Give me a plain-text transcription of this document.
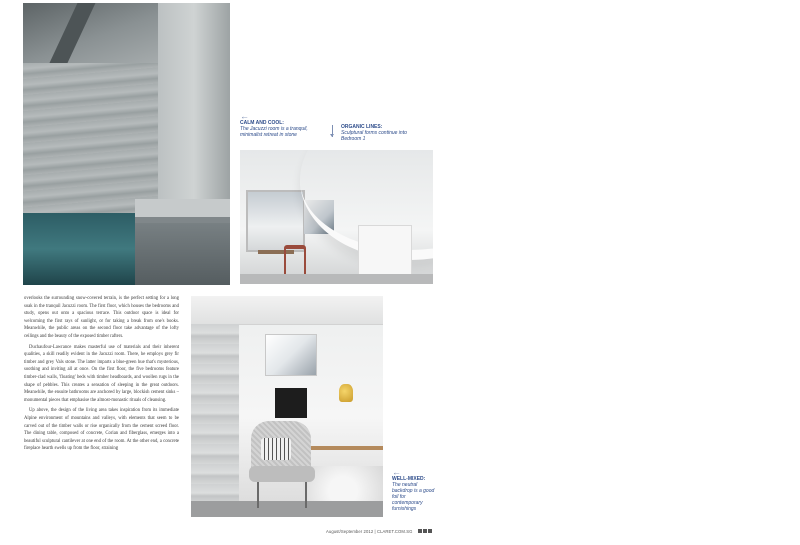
←
CALM AND COOL:
The Jacuzzi room is a tranquil, minimalist retreat in stone
ORGANIC LINES:
Sculptural forms continue into Bedroom 1

overlooks the surrounding snow-covered terrain, is the perfect setting for a long soak in the tranquil Jacuzzi room. The first floor, which houses the bedrooms and study, opens out onto a spacious terrace. This outdoor space is ideal for welcoming the first rays of sunlight, or for taking a break from one's books. Meanwhile, the public areas on the second floor take advantage of the lofty ceilings and the beauty of the exposed timber rafters.

Duchaufour-Lawrance makes masterful use of materials and their inherent qualities, a skill readily evident in the Jacuzzi room. There, he employs grey fir timber and grey Vals stone. The latter imparts a blue-green hue that's mysterious, soothing and inviting all at once. On the first floor, the five bedrooms feature timber-clad walls, 'floating' beds with timber headboards, and woollen rugs in the shape of pebbles. This creates a sensation of sleeping in the great outdoors. Meanwhile, the ensuite bathrooms are anchored by large, blockish cement sinks – monumental pieces that emphasise the almost-monastic rituals of cleansing.

Up above, the design of the living area takes inspiration from its immediate Alpine environment of mountains and valleys, with elements that seem to be carved out of the timber walls or rise organically from the cement screed floor. The dining table, composed of concrete, Corian and fiberglass, emerges into a beautiful sculptural cantilever at one end of the room. At the other end, a concrete fireplace hearth swells up from the floor, straining

←
WELL-MIXED:
The neutral backdrop is a good foil for contemporary furnishings
August/September 2012 | CLARET.COM.SG
